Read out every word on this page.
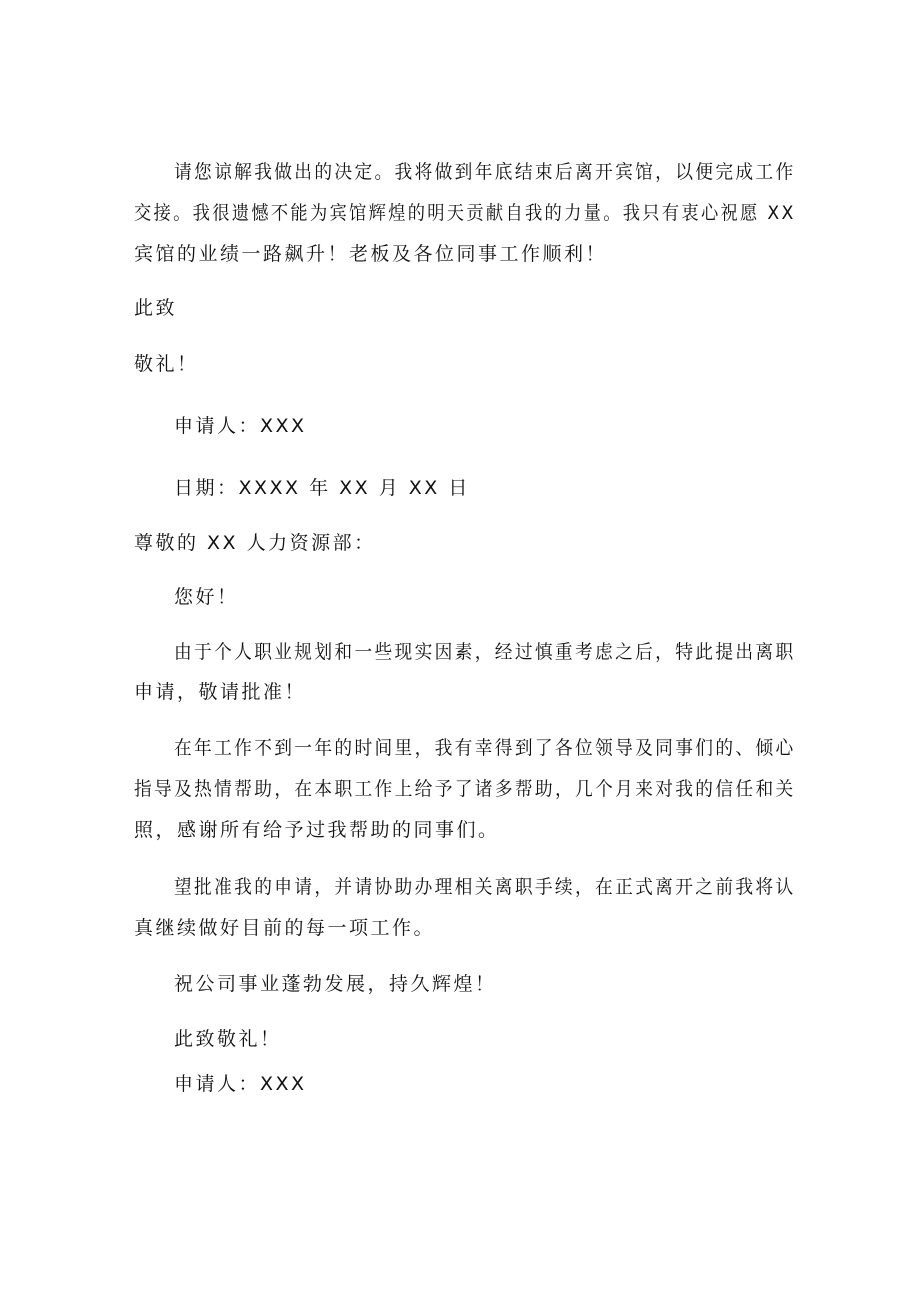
请您谅解我做出的决定。我将做到年底结束后离开宾馆，以便完成工作
交接。我很遗憾不能为宾馆辉煌的明天贡献自我的力量。我只有衷心祝愿 XX
宾馆的业绩一路飙升！老板及各位同事工作顺利！
此致
敬礼！
申请人：XXX
日期：XXXX 年 XX 月 XX 日
尊敬的 XX 人力资源部：
您好！
由于个人职业规划和一些现实因素，经过慎重考虑之后，特此提出离职
申请，敬请批准！
在年工作不到一年的时间里，我有幸得到了各位领导及同事们的、倾心
指导及热情帮助，在本职工作上给予了诸多帮助，几个月来对我的信任和关
照，感谢所有给予过我帮助的同事们。
望批准我的申请，并请协助办理相关离职手续，在正式离开之前我将认
真继续做好目前的每一项工作。
祝公司事业蓬勃发展，持久辉煌！
此致敬礼！
申请人：XXX
